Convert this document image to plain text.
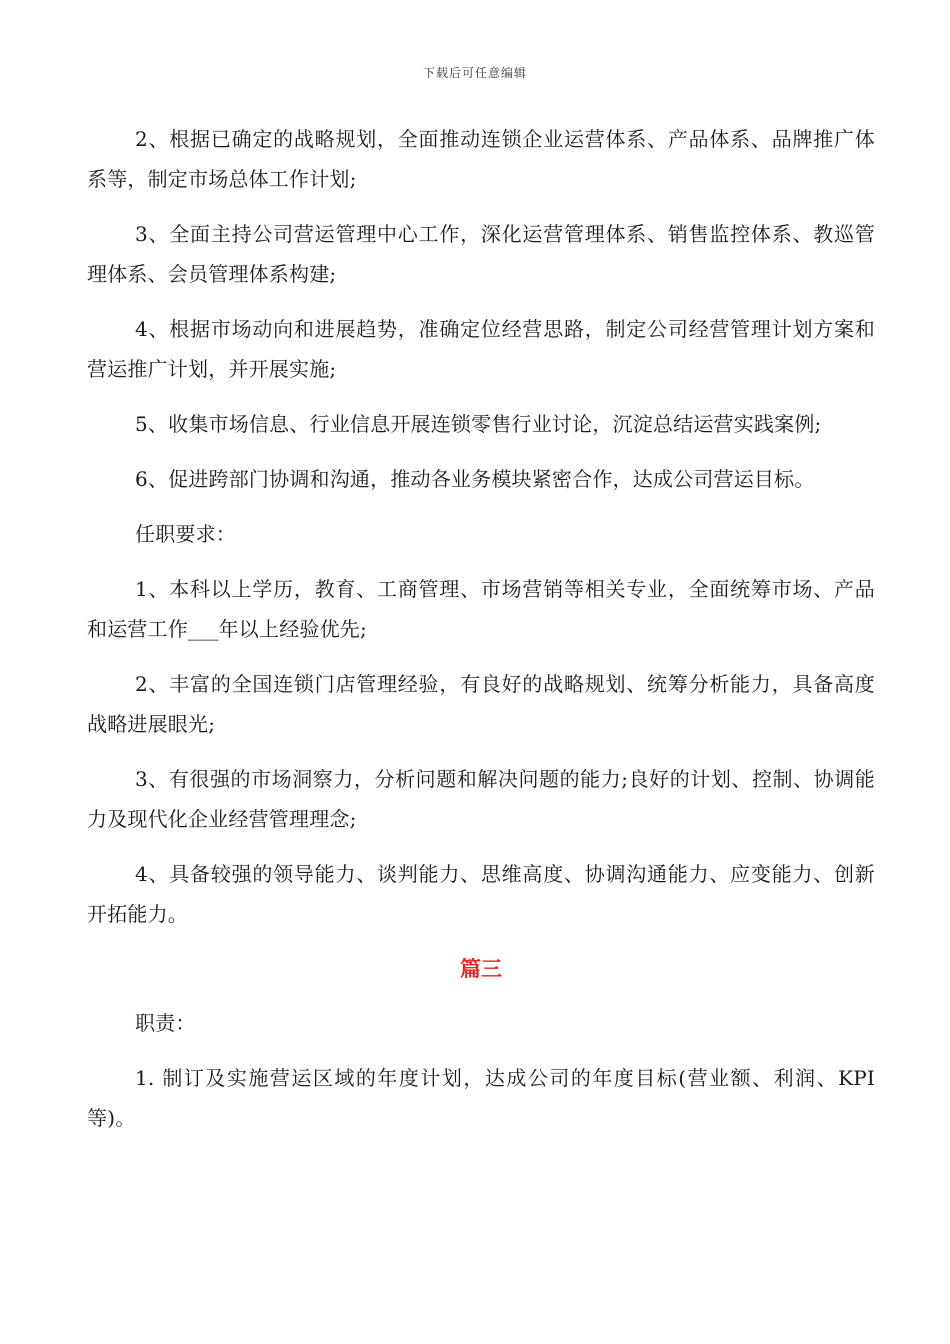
下载后可任意编辑

2、根据已确定的战略规划，全面推动连锁企业运营体系、产品体系、品牌推广体系等，制定市场总体工作计划;

3、全面主持公司营运管理中心工作，深化运营管理体系、销售监控体系、教巡管理体系、会员管理体系构建;

4、根据市场动向和进展趋势，准确定位经营思路，制定公司经营管理计划方案和营运推广计划，并开展实施;

5、收集市场信息、行业信息开展连锁零售行业讨论，沉淀总结运营实践案例;

6、促进跨部门协调和沟通，推动各业务模块紧密合作，达成公司营运目标。

任职要求：

1、本科以上学历，教育、工商管理、市场营销等相关专业，全面统筹市场、产品和运营工作___年以上经验优先;

2、丰富的全国连锁门店管理经验，有良好的战略规划、统筹分析能力，具备高度战略进展眼光;

3、有很强的市场洞察力，分析问题和解决问题的能力;良好的计划、控制、协调能力及现代化企业经营管理理念;

4、具备较强的领导能力、谈判能力、思维高度、协调沟通能力、应变能力、创新开拓能力。

篇三

职责：

1. 制订及实施营运区域的年度计划，达成公司的年度目标(营业额、利润、KPI等)。
